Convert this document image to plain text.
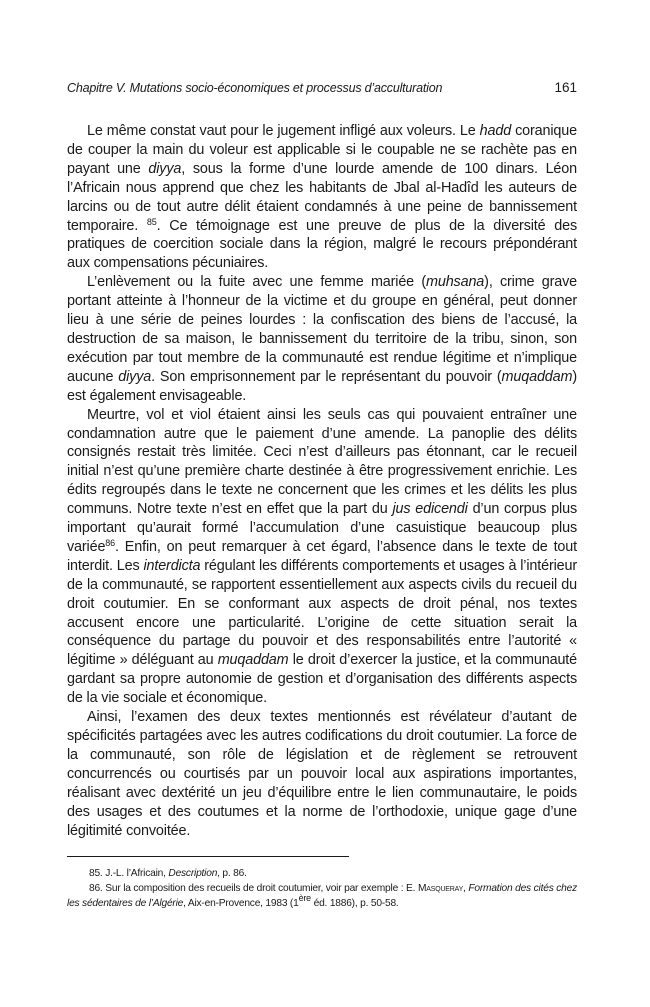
Chapitre V. Mutations socio-économiques et processus d’acculturation	161

Le même constat vaut pour le jugement infligé aux voleurs. Le hadd coranique de couper la main du voleur est applicable si le coupable ne se rachète pas en payant une diyya, sous la forme d’une lourde amende de 100 dinars. Léon l’Africain nous apprend que chez les habitants de Jbal al-Hadîd les auteurs de larcins ou de tout autre délit étaient condamnés à une peine de bannissement temporaire. $^{85}$. Ce témoignage est une preuve de plus de la diversité des pratiques de coercition sociale dans la région, malgré le recours prépondérant aux compensations pécuniaires.

L’enlèvement ou la fuite avec une femme mariée (muhsana), crime grave portant atteinte à l’honneur de la victime et du groupe en général, peut donner lieu à une série de peines lourdes : la confiscation des biens de l’accusé, la destruction de sa maison, le bannissement du territoire de la tribu, sinon, son exécution par tout membre de la communauté est rendue légitime et n’implique aucune diyya. Son emprisonnement par le représentant du pouvoir (muqaddam) est également envisageable.

Meurtre, vol et viol étaient ainsi les seuls cas qui pouvaient entraîner une condamnation autre que le paiement d’une amende. La panoplie des délits consignés restait très limitée. Ceci n’est d’ailleurs pas étonnant, car le recueil initial n’est qu’une première charte destinée à être progressivement enrichie. Les édits regroupés dans le texte ne concernent que les crimes et les délits les plus communs. Notre texte n’est en effet que la part du jus edicendi d’un corpus plus important qu’aurait formé l’accumulation d’une casuistique beaucoup plus variée$^{86}$. Enfin, on peut remarquer à cet égard, l’absence dans le texte de tout interdit. Les interdicta régulant les différents comportements et usages à l’intérieur de la communauté, se rapportent essentiellement aux aspects civils du recueil du droit coutumier. En se conformant aux aspects de droit pénal, nos textes accusent encore une particularité. L’origine de cette situation serait la conséquence du partage du pouvoir et des responsabilités entre l’autorité « légitime » déléguant au muqaddam le droit d’exercer la justice, et la communauté gardant sa propre autonomie de gestion et d’organisation des différents aspects de la vie sociale et économique.

Ainsi, l’examen des deux textes mentionnés est révélateur d’autant de spécificités partagées avec les autres codifications du droit coutumier. La force de la communauté, son rôle de législation et de règlement se retrouvent concurrencés ou courtisés par un pouvoir local aux aspirations importantes, réalisant avec dextérité un jeu d’équilibre entre le lien communautaire, le poids des usages et des coutumes et la norme de l’orthodoxie, unique gage d’une légitimité convoitée.

85. J.-L. l’Africain, Description, p. 86.

86. Sur la composition des recueils de droit coutumier, voir par exemple : E. Masqueray, Formation des cités chez les sédentaires de l’Algérie, Aix-en-Provence, 1983 (1ère éd. 1886), p. 50-58.
